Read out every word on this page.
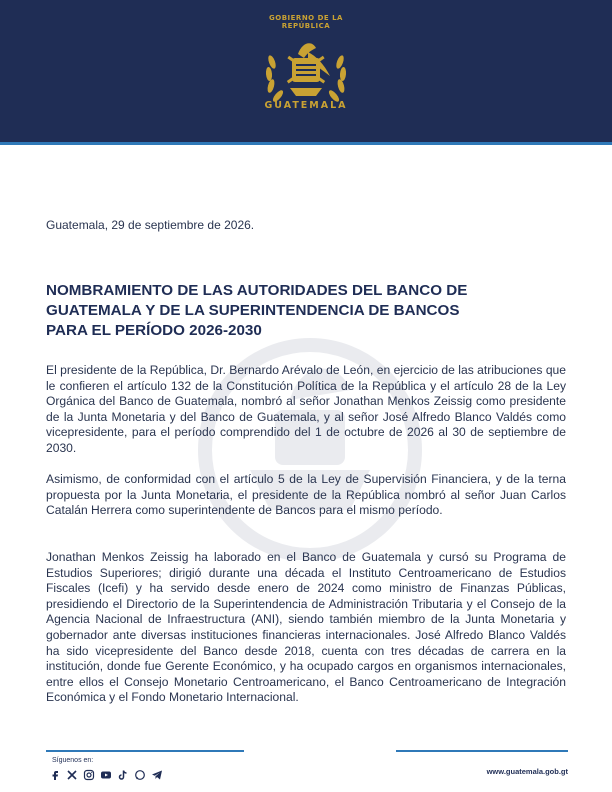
GOBIERNO DE LA REPÚBLICA
GUATEMALA
Guatemala, 29 de septiembre de 2026.
NOMBRAMIENTO DE LAS AUTORIDADES DEL BANCO DE
GUATEMALA Y DE LA SUPERINTENDENCIA DE BANCOS
PARA EL PERÍODO 2026-2030

El presidente de la República, Dr. Bernardo Arévalo de León, en ejercicio de las atribuciones que le confieren el artículo 132 de la Constitución Política de la República y el artículo 28 de la Ley Orgánica del Banco de Guatemala, nombró al señor Jonathan Menkos Zeissig como presidente de la Junta Monetaria y del Banco de Guatemala, y al señor José Alfredo Blanco Valdés como vicepresidente, para el período comprendido del 1 de octubre de 2026 al 30 de septiembre de 2030.

Asimismo, de conformidad con el artículo 5 de la Ley de Supervisión Financiera, y de la terna propuesta por la Junta Monetaria, el presidente de la República nombró al señor Juan Carlos Catalán Herrera como superintendente de Bancos para el mismo período.

Jonathan Menkos Zeissig ha laborado en el Banco de Guatemala y cursó su Programa de Estudios Superiores; dirigió durante una década el Instituto Centroamericano de Estudios Fiscales (Icefi) y ha servido desde enero de 2024 como ministro de Finanzas Públicas, presidiendo el Directorio de la Superintendencia de Administración Tributaria y el Consejo de la Agencia Nacional de Infraestructura (ANI), siendo también miembro de la Junta Monetaria y gobernador ante diversas instituciones financieras internacionales. José Alfredo Blanco Valdés ha sido vicepresidente del Banco desde 2018, cuenta con tres décadas de carrera en la institución, donde fue Gerente Económico, y ha ocupado cargos en organismos internacionales, entre ellos el Consejo Monetario Centroamericano, el Banco Centroamericano de Integración Económica y el Fondo Monetario Internacional.

Síguenos en:
www.guatemala.gob.gt
